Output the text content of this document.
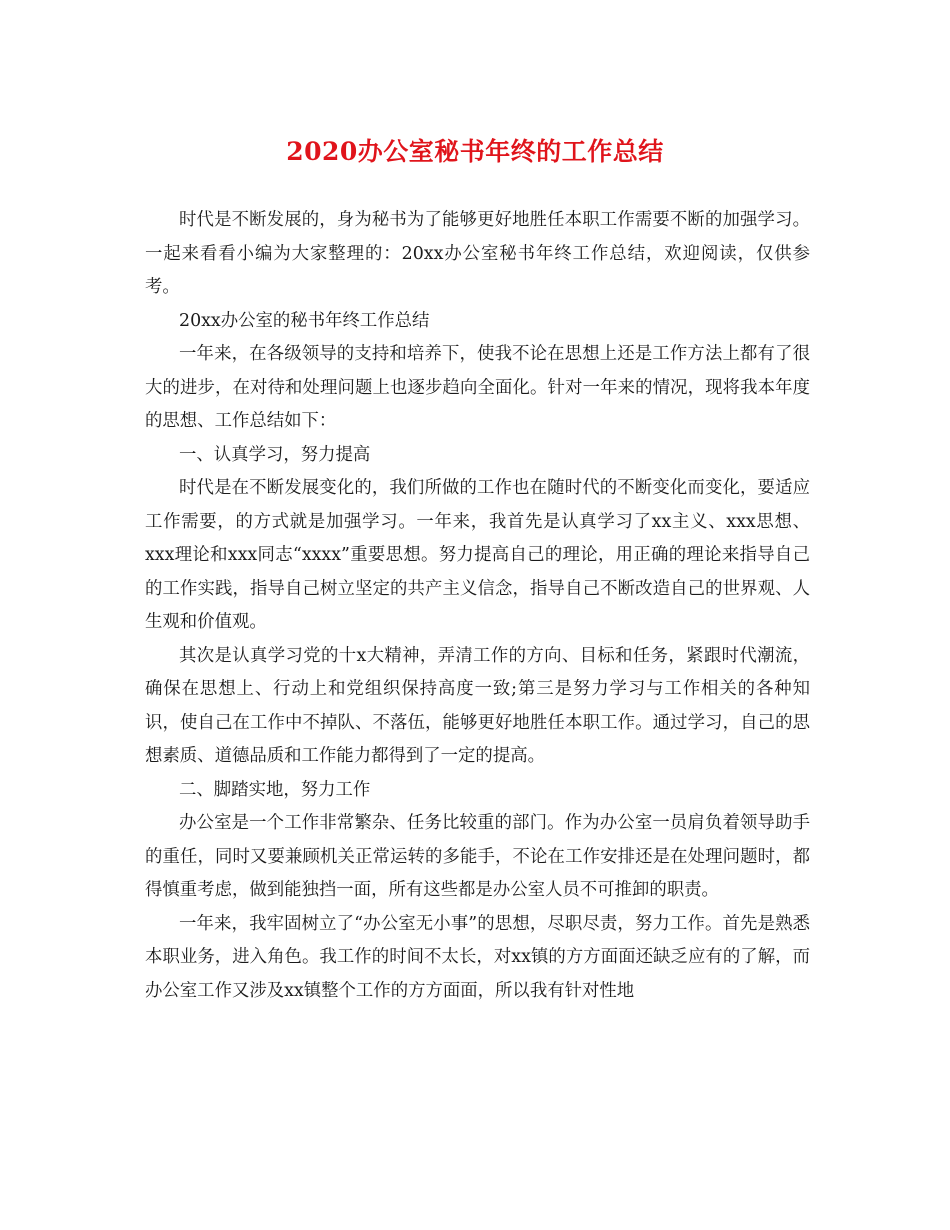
2020办公室秘书年终的工作总结

时代是不断发展的，身为秘书为了能够更好地胜任本职工作需要不断的加强学习。一起来看看小编为大家整理的：20xx办公室秘书年终工作总结，欢迎阅读，仅供参考。

20xx办公室的秘书年终工作总结

一年来，在各级领导的支持和培养下，使我不论在思想上还是工作方法上都有了很大的进步，在对待和处理问题上也逐步趋向全面化。针对一年来的情况，现将我本年度的思想、工作总结如下：

一、认真学习，努力提高

时代是在不断发展变化的，我们所做的工作也在随时代的不断变化而变化，要适应工作需要，的方式就是加强学习。一年来，我首先是认真学习了xx主义、xxx思想、xxx理论和xxx同志“xxxx”重要思想。努力提高自己的理论，用正确的理论来指导自己的工作实践，指导自己树立坚定的共产主义信念，指导自己不断改造自己的世界观、人生观和价值观。

其次是认真学习党的十x大精神，弄清工作的方向、目标和任务，紧跟时代潮流，确保在思想上、行动上和党组织保持高度一致;第三是努力学习与工作相关的各种知识，使自己在工作中不掉队、不落伍，能够更好地胜任本职工作。通过学习，自己的思想素质、道德品质和工作能力都得到了一定的提高。

二、脚踏实地，努力工作

办公室是一个工作非常繁杂、任务比较重的部门。作为办公室一员肩负着领导助手的重任，同时又要兼顾机关正常运转的多能手，不论在工作安排还是在处理问题时，都得慎重考虑，做到能独挡一面，所有这些都是办公室人员不可推卸的职责。

一年来，我牢固树立了“办公室无小事”的思想，尽职尽责，努力工作。首先是熟悉本职业务，进入角色。我工作的时间不太长，对xx镇的方方面面还缺乏应有的了解，而办公室工作又涉及xx镇整个工作的方方面面，所以我有针对性地
